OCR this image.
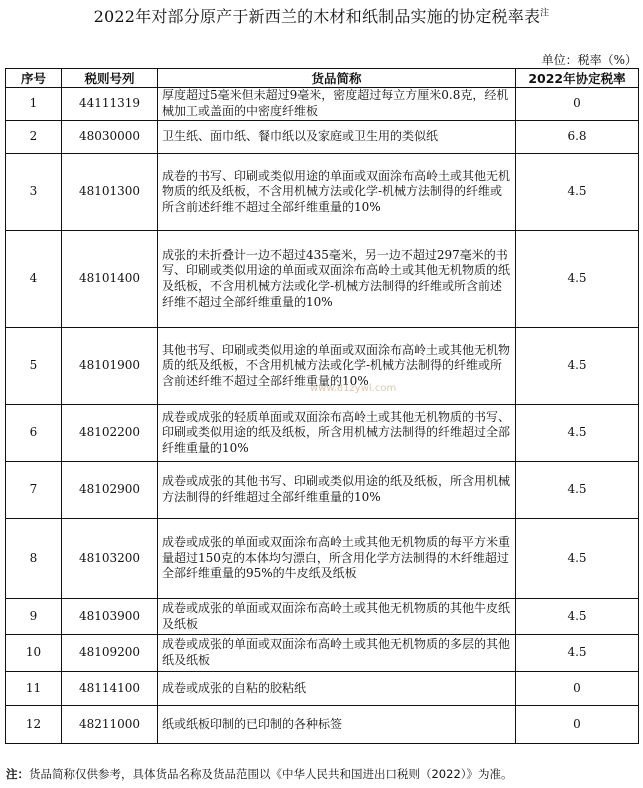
2022年对部分原产于新西兰的木材和纸制品实施的协定税率表$^注$
单位：税率（%）
序号	税则号列	货品简称	2022年协定税率
1	44111319	厚度超过5毫米但未超过9毫米，密度超过每立方厘米0.8克，经机械加工或盖面的中密度纤维板	0
2	48030000	卫生纸、面巾纸、餐巾纸以及家庭或卫生用的类似纸	6.8
3	48101300	成卷的书写、印刷或类似用途的单面或双面涂布高岭土或其他无机物质的纸及纸板，不含用机械方法或化学-机械方法制得的纤维或所含前述纤维不超过全部纤维重量的10%	4.5
4	48101400	成张的未折叠计一边不超过435毫米，另一边不超过297毫米的书写、印刷或类似用途的单面或双面涂布高岭土或其他无机物质的纸及纸板，不含用机械方法或化学-机械方法制得的纤维或所含前述纤维不超过全部纤维重量的10%	4.5
5	48101900	其他书写、印刷或类似用途的单面或双面涂布高岭土或其他无机物质的纸及纸板，不含用机械方法或化学-机械方法制得的纤维或所含前述纤维不超过全部纤维重量的10%	4.5
6	48102200	成卷或成张的轻质单面或双面涂布高岭土或其他无机物质的书写、印刷或类似用途的纸及纸板，所含用机械方法制得的纤维超过全部纤维重量的10%	4.5
7	48102900	成卷或成张的其他书写、印刷或类似用途的纸及纸板，所含用机械方法制得的纤维超过全部纤维重量的10%	4.5
8	48103200	成卷或成张的单面或双面涂布高岭土或其他无机物质的每平方米重量超过150克的本体均匀漂白，所含用化学方法制得的木纤维超过全部纤维重量的95%的牛皮纸及纸板	4.5
9	48103900	成卷或成张的单面或双面涂布高岭土或其他无机物质的其他牛皮纸及纸板	4.5
10	48109200	成卷或成张的单面或双面涂布高岭土或其他无机物质的多层的其他纸及纸板	4.5
11	48114100	成卷或成张的自粘的胶粘纸	0
12	48211000	纸或纸板印制的已印制的各种标签	0
www.81zywl.com
注：货品简称仅供参考，具体货品名称及货品范围以《中华人民共和国进出口税则（2022）》为准。
